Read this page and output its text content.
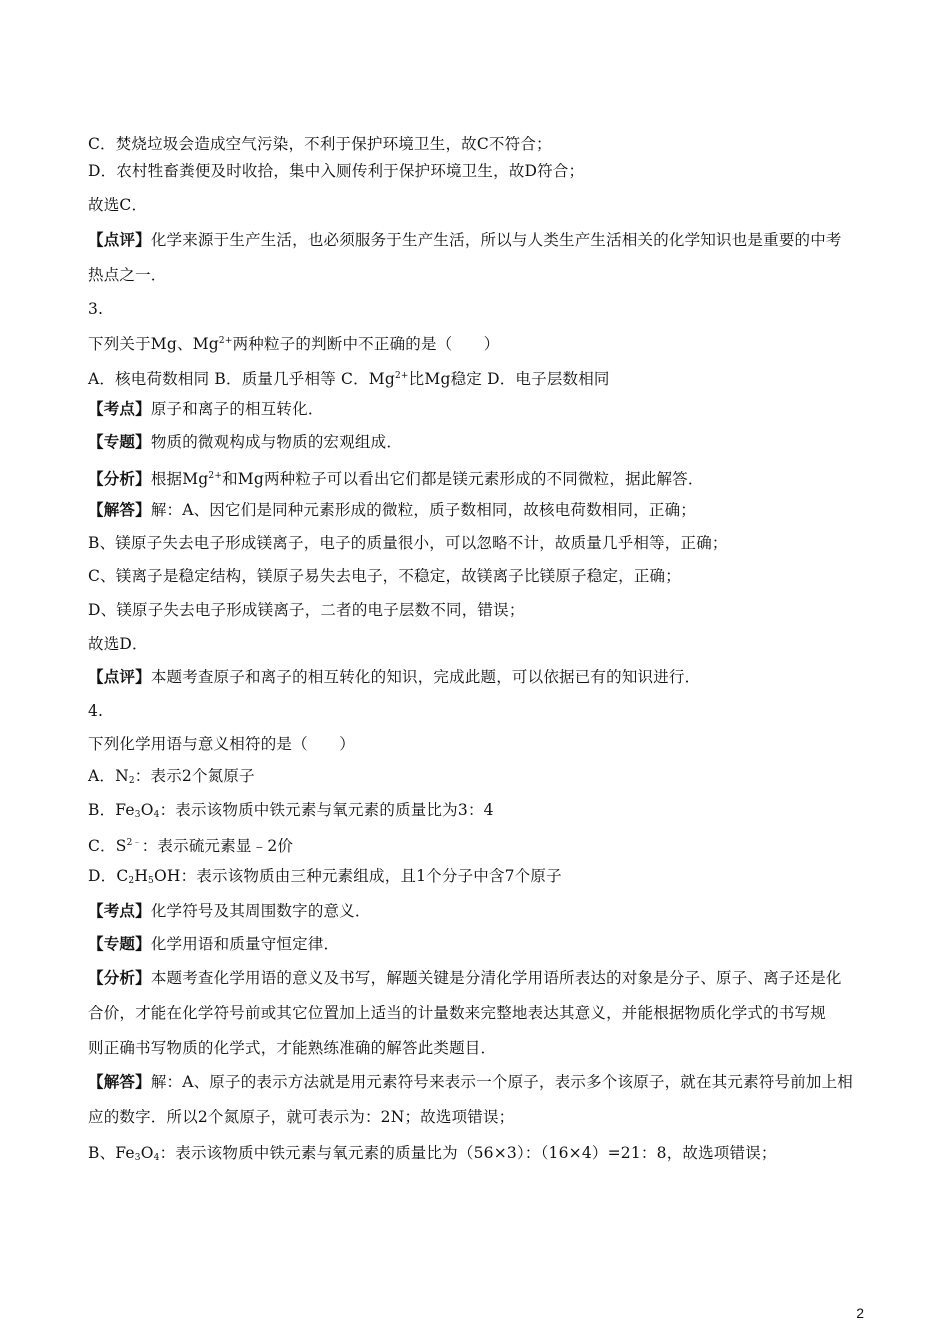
C．焚烧垃圾会造成空气污染，不利于保护环境卫生，故C不符合；
D．农村牲畜粪便及时收拾，集中入厕传利于保护环境卫生，故D符合；
故选C．
【点评】化学来源于生产生活，也必须服务于生产生活，所以与人类生产生活相关的化学知识也是重要的中考
热点之一．
3.
下列关于Mg、$Mg^{2+}$两种粒子的判断中不正确的是（　　）
A．核电荷数相同 B．质量几乎相等 C．$Mg^{2+}$比Mg稳定 D．电子层数相同
【考点】原子和离子的相互转化．
【专题】物质的微观构成与物质的宏观组成．
【分析】根据$Mg^{2+}$和Mg两种粒子可以看出它们都是镁元素形成的不同微粒，据此解答．
【解答】解：A、因它们是同种元素形成的微粒，质子数相同，故核电荷数相同，正确；
B、镁原子失去电子形成镁离子，电子的质量很小，可以忽略不计，故质量几乎相等，正确；
C、镁离子是稳定结构，镁原子易失去电子，不稳定，故镁离子比镁原子稳定，正确；
D、镁原子失去电子形成镁离子，二者的电子层数不同，错误；
故选D．
【点评】本题考查原子和离子的相互转化的知识，完成此题，可以依据已有的知识进行．
4.
下列化学用语与意义相符的是（　　）
A．$N_2$：表示2个氮原子
B．$Fe_3O_4$：表示该物质中铁元素与氧元素的质量比为3：4
C．$S^{2﹣}$：表示硫元素显﹣2价
D．$C_2H_5OH$：表示该物质由三种元素组成，且1个分子中含7个原子
【考点】化学符号及其周围数字的意义．
【专题】化学用语和质量守恒定律．
【分析】本题考查化学用语的意义及书写，解题关键是分清化学用语所表达的对象是分子、原子、离子还是化
合价，才能在化学符号前或其它位置加上适当的计量数来完整地表达其意义，并能根据物质化学式的书写规
则正确书写物质的化学式，才能熟练准确的解答此类题目．
【解答】解：A、原子的表示方法就是用元素符号来表示一个原子，表示多个该原子，就在其元素符号前加上相
应的数字．所以2个氮原子，就可表示为：2N；故选项错误；
B、$Fe_3O_4$：表示该物质中铁元素与氧元素的质量比为（56×3）：（16×4）=21：8，故选项错误；
2
